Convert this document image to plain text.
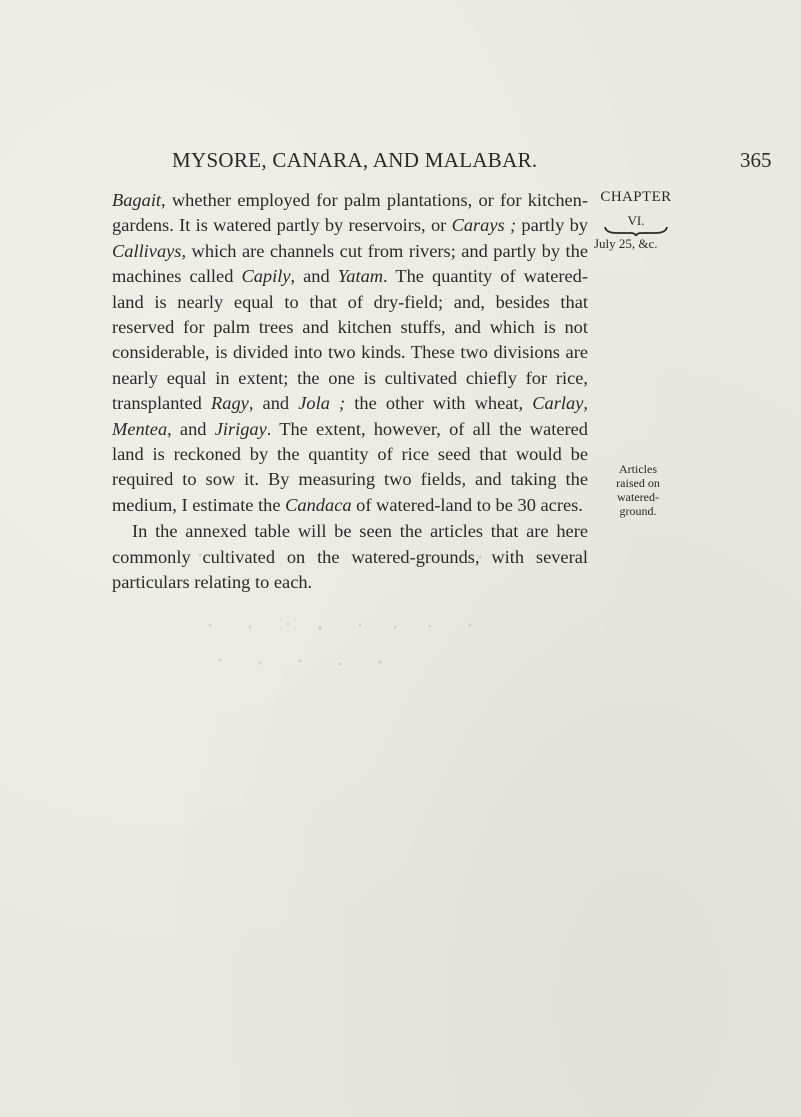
MYSORE, CANARA, AND MALABAR.	365
CHAPTER
VI.
July 25, &c.
Articles
raised on
watered-
ground.

Bagait, whether employed for palm plantations, or for kitchen-gardens. It is watered partly by reservoirs, or Carays ; partly by Callivays, which are channels cut from rivers; and partly by the machines called Capily, and Yatam. The quantity of watered-land is nearly equal to that of dry-field; and, besides that reserved for palm trees and kitchen stuffs, and which is not considerable, is divided into two kinds. These two divisions are nearly equal in extent; the one is cultivated chiefly for rice, transplanted Ragy, and Jola ; the other with wheat, Carlay, Mentea, and Jirigay. The extent, however, of all the watered land is reckoned by the quantity of rice seed that would be required to sow it. By measuring two fields, and taking the medium, I estimate the Candaca of watered-land to be 30 acres.

In the annexed table will be seen the articles that are here commonly cultivated on the watered-grounds, with several particulars relating to each.
